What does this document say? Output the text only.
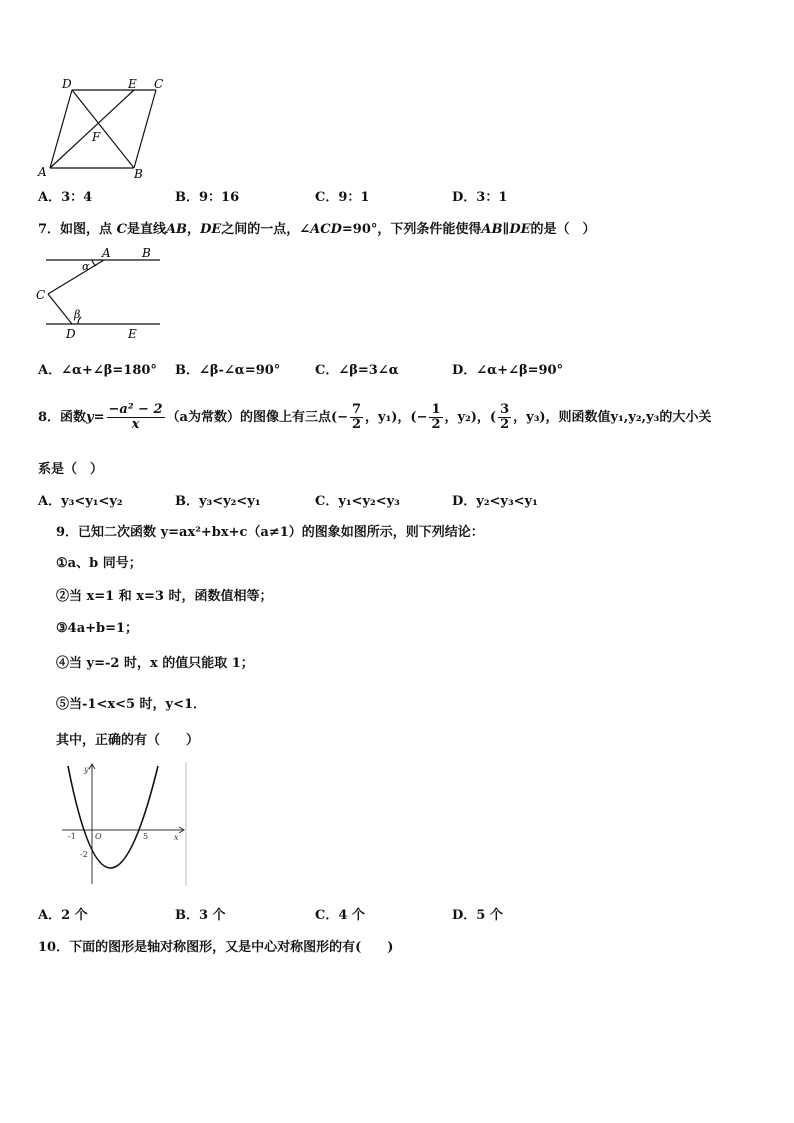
D	E C
F
A	B
A．3：4	B．9：16	C．9：1	D．3：1
7．如图，点 C是直线AB，DE之间的一点，∠ACD=90°，下列条件能使得AB∥DE的是（　）
α
A	B
C
β
D	E
A．∠α+∠β=180° B．∠β-∠α=90°	C．∠β=3∠α	D．∠α+∠β=90°
8．函数$y= \frac{\text{−a² − 2}}{x} (a$为常数）的图像上有三点(− $\frac{7}{2}$ ，y₁)，(− $\frac{1}{2}$ ，y₂)，( $\frac{3}{2}$ ，y₃)，则函数值y₁,y₂,y₃的大小关
系是（　）
A．y₃<y₁<y₂	B．y₃<y₂<y₁	C．y₁<y₂<y₃	D．y₂<y₃<y₁
9．已知二次函数 y=ax²+bx+c（a≠1）的图象如图所示，则下列结论：
①a、b 同号；
②当 x=1 和 x=3 时，函数值相等；
③4a+b=1；
④当 y=-2 时，x 的值只能取 1；
⑤当-1<x<5 时，y<1．
其中，正确的有（　　）
y
O
-1	5	x
-2
A．2 个	B．3 个	C．4 个	D．5 个
10．下面的图形是轴对称图形，又是中心对称图形的有(　　)
